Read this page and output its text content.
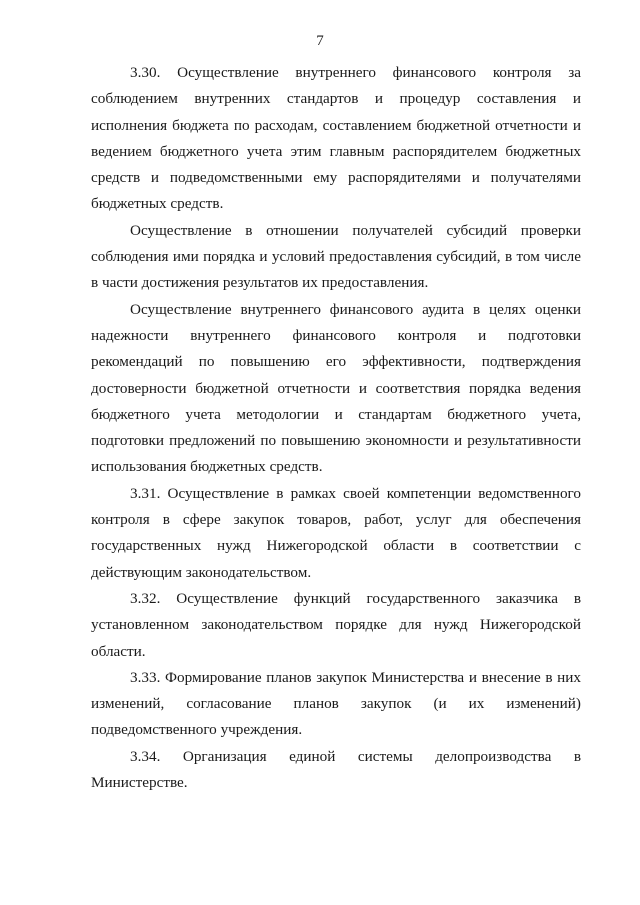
7

3.30. Осуществление внутреннего финансового контроля за соблюдением внутренних стандартов и процедур составления и исполнения бюджета по расходам, составлением бюджетной отчетности и ведением бюджетного учета этим главным распорядителем бюджетных средств и подведомственными ему распорядителями и получателями бюджетных средств.

Осуществление в отношении получателей субсидий проверки соблюдения ими порядка и условий предоставления субсидий, в том числе в части достижения результатов их предоставления.

Осуществление внутреннего финансового аудита в целях оценки надежности внутреннего финансового контроля и подготовки рекомендаций по повышению его эффективности, подтверждения достоверности бюджетной отчетности и соответствия порядка ведения бюджетного учета методологии и стандартам бюджетного учета, подготовки предложений по повышению экономности и результативности использования бюджетных средств.

3.31. Осуществление в рамках своей компетенции ведомственного контроля в сфере закупок товаров, работ, услуг для обеспечения государственных нужд Нижегородской области в соответствии с действующим законодательством.

3.32. Осуществление функций государственного заказчика в установленном законодательством порядке для нужд Нижегородской области.

3.33. Формирование планов закупок Министерства и внесение в них изменений, согласование планов закупок (и их изменений) подведомственного учреждения.

3.34. Организация единой системы делопроизводства в Министерстве.
